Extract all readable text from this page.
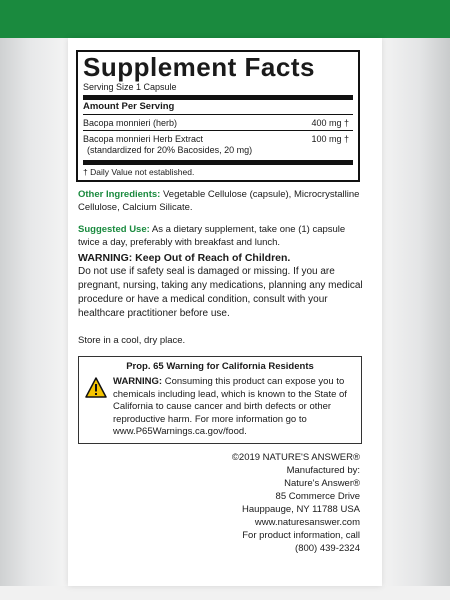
Supplement Facts
Serving Size 1 Capsule
Amount Per Serving
Bacopa monnieri (herb)	400 mg †
Bacopa monnieri Herb Extract	100 mg †

(standardized for 20% Bacosides, 20 mg)
† Daily Value not established.
Other Ingredients: Vegetable Cellulose (capsule), Microcrystalline Cellulose, Calcium Silicate.
Suggested Use: As a dietary supplement, take one (1) capsule twice a day, preferably with breakfast and lunch.
WARNING: Keep Out of Reach of Children.
Do not use if safety seal is damaged or missing. If you are pregnant, nursing, taking any medications, planning any medical procedure or have a medical condition, consult with your healthcare practitioner before use.
Store in a cool, dry place.
Prop. 65 Warning for California Residents
WARNING: Consuming this product can expose you to chemicals including lead, which is known to the State of California to cause cancer and birth defects or other reproductive harm. For more information go to www.P65Warnings.ca.gov/food.
©2019 NATURE'S ANSWER®
Manufactured by:
Nature's Answer®
85 Commerce Drive
Hauppauge, NY 11788 USA
www.naturesanswer.com
For product information, call
(800) 439-2324
